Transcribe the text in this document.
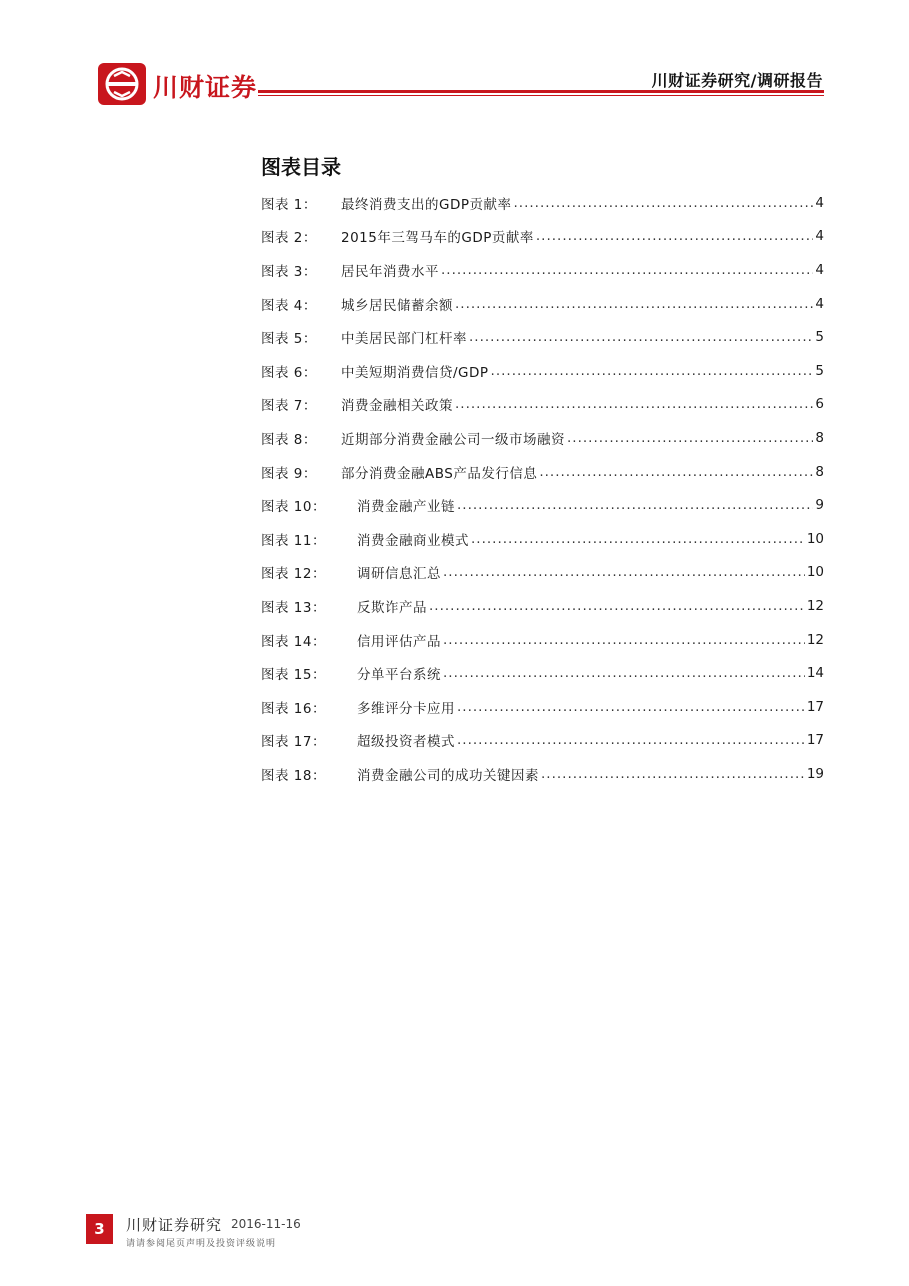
川财证券	川财证券研究/调研报告
图表目录
图表 1：	最终消费支出的GDP贡献率 .....	4
图表 2：	2015年三驾马车的GDP贡献率 .....	4
图表 3：	居民年消费水平 .....	4
图表 4：	城乡居民储蓄余额 .....	4
图表 5：	中美居民部门杠杆率 .....	5
图表 6：	中美短期消费信贷/GDP .....	5
图表 7：	消费金融相关政策 .....	6
图表 8：	近期部分消费金融公司一级市场融资 .....	8
图表 9：	部分消费金融ABS产品发行信息 .....	8
图表 10：	消费金融产业链 .....	9
图表 11：	消费金融商业模式 .....	10
图表 12：	调研信息汇总 .....	10
图表 13：	反欺诈产品 .....	12
图表 14：	信用评估产品 .....	12
图表 15：	分单平台系统 .....	14
图表 16：	多维评分卡应用 .....	17
图表 17：	超级投资者模式 .....	17
图表 18：	消费金融公司的成功关键因素 .....	19
3	川财证券研究 2016-11-16
请请参阅尾页声明及投资评级说明
